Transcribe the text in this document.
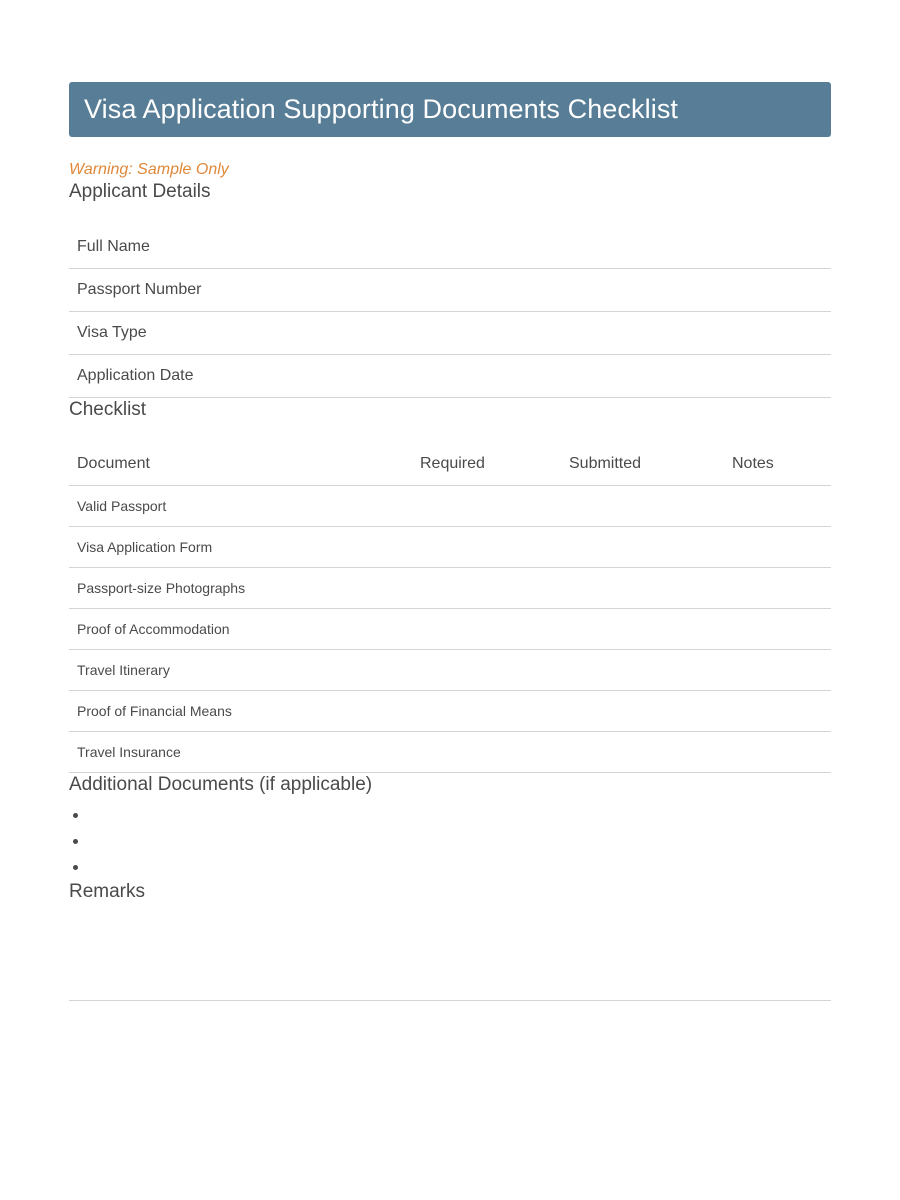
Visa Application Supporting Documents Checklist
Warning: Sample Only
Applicant Details
Full Name
Passport Number
Visa Type
Application Date
Checklist
Document	Required	Submitted	Notes
Valid Passport			
Visa Application Form			
Passport-size Photographs			
Proof of Accommodation			
Travel Itinerary			
Proof of Financial Means			
Travel Insurance			
Additional Documents (if applicable)
Remarks
